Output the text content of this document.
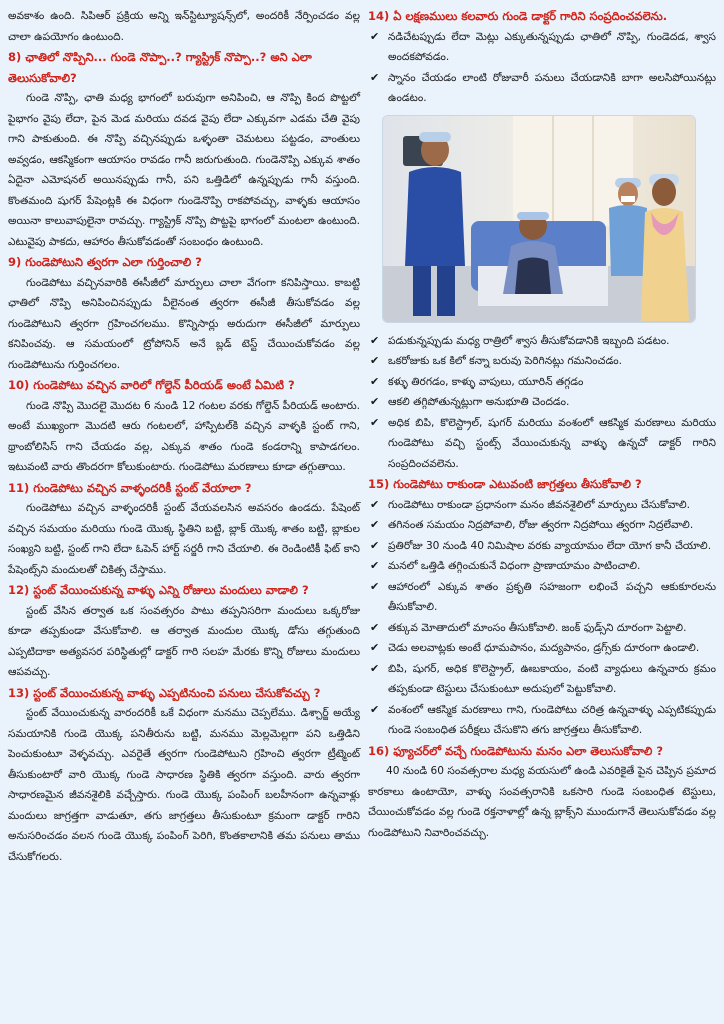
అవకాశం ఉంది. సిపిఆర్ ప్రక్రియ అన్ని ఇన్‌స్టిట్యూషన్స్‌లో, అందరికీ నేర్పించడం వల్ల చాలా ఉపయోగం ఉంటుంది.

8) ఛాతిలో నొప్పిని... గుండె నొప్పా..? గ్యాస్ట్రిక్ నొప్పా..? అని ఎలా తెలుసుకోవాలి?

గుండె నొప్పి, ఛాతి మధ్య భాగంలో బరువుగా అనిపించి, ఆ నొప్పి కింద పొట్టలో పైభాగం వైపు లేదా, పైన మెడ మరియు దవడ వైపు లేదా ఎక్కువగా ఎడమ చేతి వైపు గాని పాకుతుంది. ఈ నొప్పి వచ్చినప్పుడు ఒళ్ళంతా చెమటలు పట్టడం, వాంతులు అవ్వడం, ఆకస్మికంగా ఆయాసం రావడం గానీ జరుగుతుంది. గుండెనొప్పి ఎక్కువ శాతం ఏదైనా ఎమోషనల్ అయినప్పుడు గానీ, పని ఒత్తిడిలో ఉన్నప్పుడు గానీ వస్తుంది. కొంతమంది షుగర్ పేషెంట్లకి ఈ విధంగా గుండెనొప్పి రాకపోవచ్చు, వాళ్ళకు ఆయాసం అయినా కాలువాపులైనా రావచ్చు. గ్యాస్ట్రిక్ నొప్పి పొట్టపై భాగంలో మంటలా ఉంటుంది. ఎటువైపు పాకదు, ఆహారం తీసుకోవడంతో సంబంధం ఉంటుంది.

9) గుండెపోటుని త్వరగా ఎలా గుర్తించాలి ?

గుండెపోటు వచ్చినవారికి ఈసీజీలో మార్పులు చాలా వేగంగా కనిపిస్తాయి. కాబట్టి ఛాతిలో నొప్పి అనిపించినప్పుడు వీలైనంత త్వరగా ఈసీజీ తీసుకోవడం వల్ల గుండెపోటుని త్వరగా గ్రహించగలము. కొన్నిసార్లు అరుదుగా ఈసీజీలో మార్పులు కనిపించవు. ఆ సమయంలో ట్రోపోనిన్ అనే బ్లడ్ టెస్ట్ చేయించుకోవడం వల్ల గుండెపోటును గుర్తించగలం.

10) గుండెపోటు వచ్చిన వారిలో గోల్డెన్ పీరియడ్ అంటే ఏమిటి ?

గుండె నొప్పి మొదలై మొదట 6 నుండి 12 గంటల వరకు గోల్డెన్ పీరియడ్ అంటారు. అంటే ముఖ్యంగా మొదటి ఆరు గంటలలో, హాస్పిటల్‌కి వచ్చిన వాళ్ళకి స్టంట్ గాని, థ్రాంబోలిసిస్ గాని చేయడం వల్ల, ఎక్కువ శాతం గుండె కండరాన్ని కాపాడగలం. ఇటువంటి వారు తొందరగా కోలుకుంటారు. గుండెపోటు మరణాలు కూడా తగ్గుతాయి.

11) గుండెపోటు వచ్చిన వాళ్ళందరికీ స్టంట్ వేయాలా ?

గుండెపోటు వచ్చిన వాళ్ళందరికీ స్టంట్ వేయవలసిన అవసరం ఉండదు. పేషెంట్ వచ్చిన సమయం మరియు గుండె యొక్క స్థితిని బట్టి, బ్లాక్ యొక్క శాతం బట్టి, బ్లాకుల సంఖ్యని బట్టి, స్టంట్ గాని లేదా ఓపెన్ హార్ట్ సర్జరీ గాని చేయాలి. ఈ రెండింటికీ ఫిట్ కాని పేషెంట్స్‌ని మందులతో చికిత్స చేస్తాము.

12) స్టంట్ వేయించుకున్న వాళ్ళు ఎన్ని రోజులు మందులు వాడాలి ?

స్టంట్ వేసిన తర్వాత ఒక సంవత్సరం పాటు తప్పనిసరిగా మందులు ఒక్కరోజు కూడా తప్పకుండా వేసుకోవాలి. ఆ తర్వాత మందుల యొక్క డోసు తగ్గుతుంది ఎప్పటిదాకా అత్యవసర పరిస్థితుల్లో డాక్టర్ గారి సలహ మేరకు కొన్ని రోజులు మందులు ఆపవచ్చు.

13) స్టంట్ వేయించుకున్న వాళ్ళు ఎప్పటినుంచి పనులు చేసుకోవచ్చు ?

స్టంట్ వేయించుకున్న వారందరికీ ఒకే విధంగా మనము చెప్పలేము. డిశ్చార్జ్ అయ్యే సమయానికి గుండె యొక్క పనితీరును బట్టి, మనము మెల్లమెల్లగా పని ఒత్తిడిని పెంచుకుంటూ వెళ్ళవచ్చు. ఎవరైతే త్వరగా గుండెపోటుని గ్రహించి త్వరగా ట్రీట్మెంట్ తీసుకుంటారో వారి యొక్క గుండె సాధారణ స్థితికి త్వరగా వస్తుంది. వారు త్వరగా సాధారణమైన జీవనశైలికి వచ్చేస్తారు. గుండె యొక్క పంపింగ్ బలహీనంగా ఉన్నవాళ్లు మందులు జాగ్రత్తగా వాడుతూ, తగు జాగ్రత్తలు తీసుకుంటూ క్రమంగా డాక్టర్ గారిని అనుసరించడం వలన గుండె యొక్క పంపింగ్ పెరిగి, కొంతకాలానికి తమ పనులు తాము చేసుకోగలరు.

14) ఏ లక్షణములు కలవారు గుండె డాక్టర్ గారిని సంప్రదించవలెను.

✔ నడిచేటప్పుడు లేదా మెట్లు ఎక్కుతున్నప్పుడు ఛాతిలో నొప్పి, గుండెదడ, శ్వాస అందకపోవడం.
✔ స్నానం చేయడం లాంటి రోజువారీ పనులు చేయడానికి బాగా అలసిపోయినట్లు ఉండటం.
✔ పడుకున్నప్పుడు మధ్య రాత్రిలో శ్వాస తీసుకోవడానికి ఇబ్బంది పడటం.
✔ ఒకరోజుకు ఒక కిలో కన్నా బరువు పెరిగినట్లు గమనించడం.
✔ కళ్ళు తిరగడం, కాళ్ళు వాపులు, యూరిన్ తగ్గడం
✔ ఆకలి తగ్గిపోతున్నట్లుగా అనుభూతి చెందడం.
✔ అధిక బిపి, కొలెస్ట్రాల్, షుగర్ మరియు వంశంలో ఆకస్మిక మరణాలు మరియు గుండెపోటు వచ్చి స్టంట్స్ వేయించుకున్న వాళ్ళు ఉన్నచో డాక్టర్ గారిని సంప్రదించవలెను.

15) గుండెపోటు రాకుండా ఎటువంటి జాగ్రత్తలు తీసుకోవాలి ?

✔ గుండెపోటు రాకుండా ప్రధానంగా మనం జీవనశైలిలో మార్పులు చేసుకోవాలి.
✔ తగినంత సమయం నిద్రపోవాలి, రోజు త్వరగా నిద్రపోయి త్వరగా నిద్రలేవాలి.
✔ ప్రతిరోజు 30 నుండి 40 నిమిషాల వరకు వ్యాయామం లేదా యోగ కానీ చేయాలి.
✔ మనలో ఒత్తిడి తగ్గించుకునే విధంగా ప్రాణాయామం పాటించాలి.
✔ ఆహారంలో ఎక్కువ శాతం ప్రకృతి సహజంగా లభించే పచ్చని ఆకుకూరలను తీసుకోవాలి.
✔ తక్కువ మోతాదులో మాంసం తీసుకోవాలి. జంక్ ఫుడ్స్‌ని దూరంగా పెట్టాలి.
✔ చెడు అలవాట్లకు అంటే ధూమపానం, మద్యపానం, డ్రగ్స్‌కు దూరంగా ఉండాలి.
✔ బిపి, షుగర్, అధిక కొలెస్ట్రాల్, ఊబకాయం, వంటి వ్యాధులు ఉన్నవారు క్రమం తప్పకుండా టెస్టులు చేసుకుంటూ అదుపులో పెట్టుకోవాలి.
✔ వంశంలో ఆకస్మిక మరణాలు గాని, గుండెపోటు చరిత్ర ఉన్నవాళ్ళు ఎప్పటికప్పుడు గుండె సంబంధిత పరీక్షలు చేసుకొని తగు జాగ్రత్తలు తీసుకోవాలి.

16) ఫ్యూచర్‌లో వచ్చే గుండెపోటును మనం ఎలా తెలుసుకోవాలి ?

40 నుండి 60 సంవత్సరాల మధ్య వయసులో ఉండి ఎవరికైతే పైన చెప్పిన ప్రమాద కారకాలు ఉంటాయో, వాళ్ళు సంవత్సరానికి ఒకసారి గుండె సంబంధిత టెస్టులు, చేయించుకోవడం వల్ల గుండె రక్తనాళాల్లో ఉన్న బ్లాక్స్‌ని ముందుగానే తెలుసుకోవడం వల్ల గుండెపోటుని నివారించవచ్చు.
